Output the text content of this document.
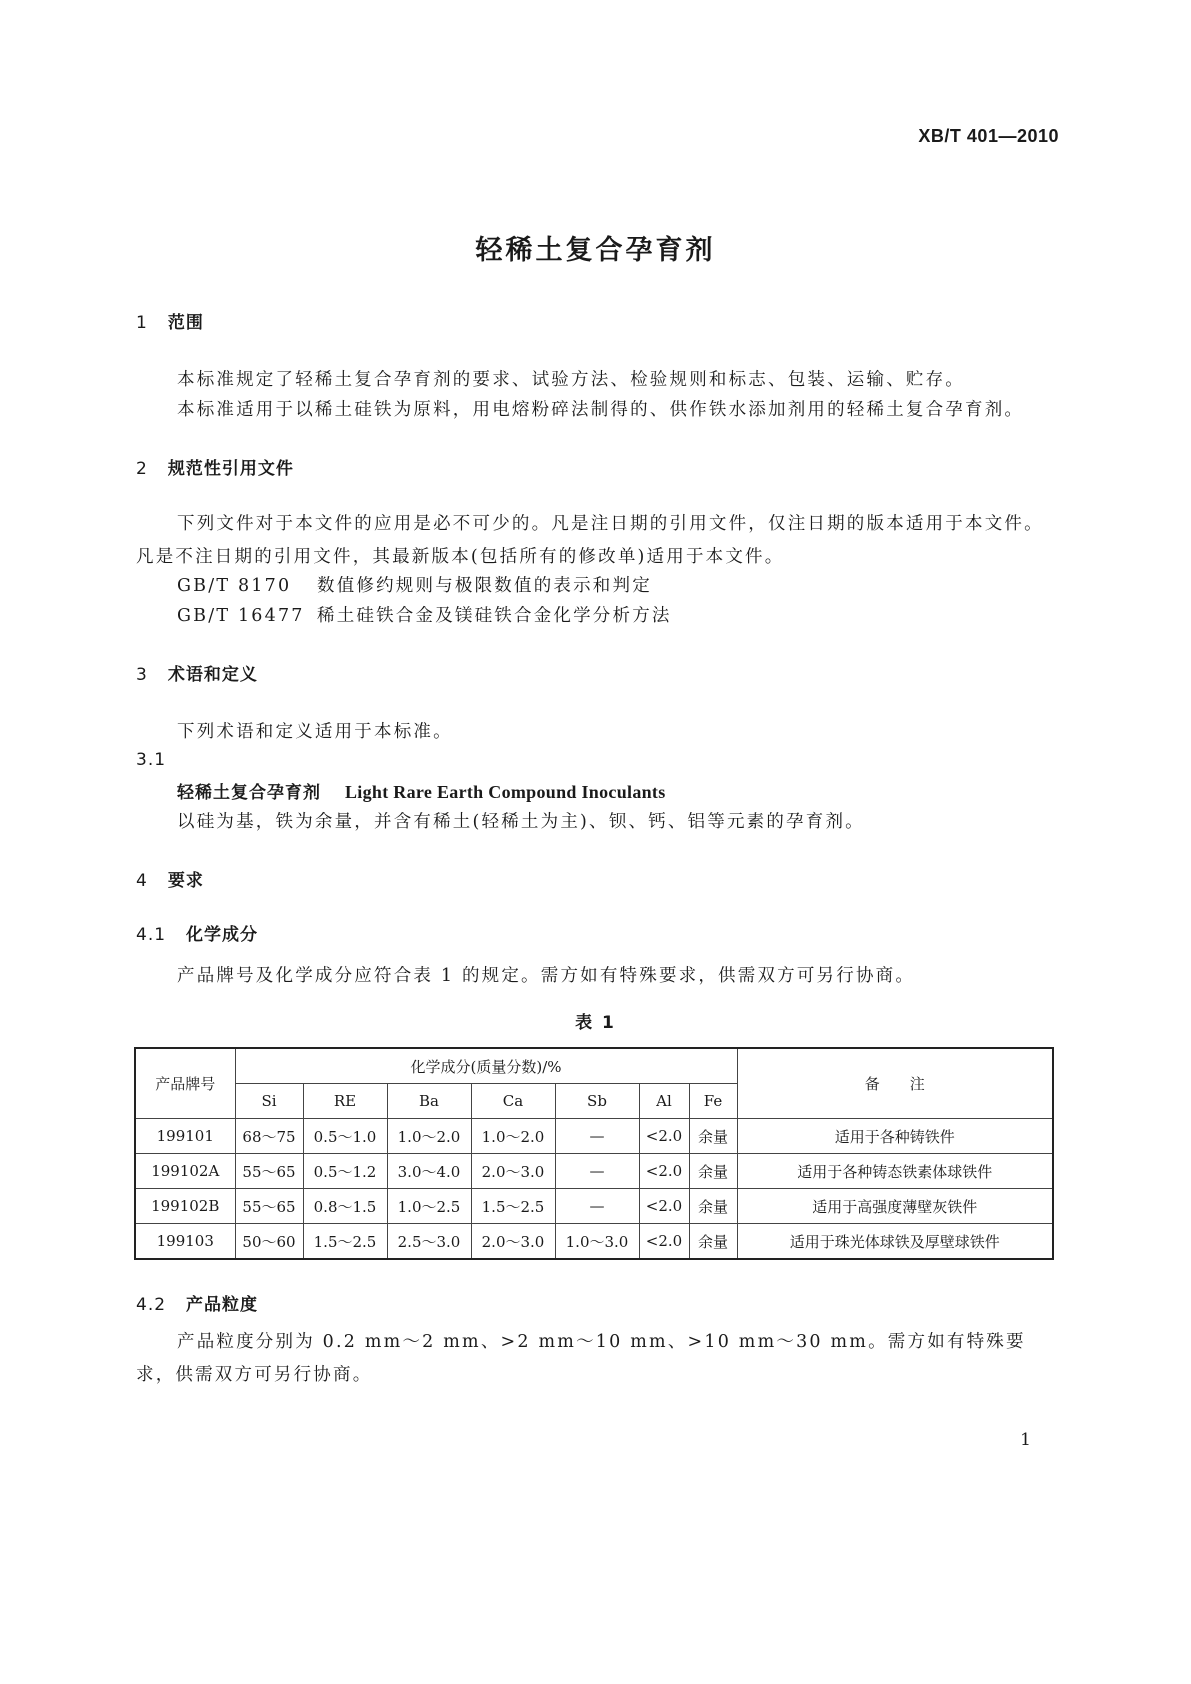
XB/T 401—2010
轻稀土复合孕育剂
1 范围
本标准规定了轻稀土复合孕育剂的要求、试验方法、检验规则和标志、包装、运输、贮存。
本标准适用于以稀土硅铁为原料，用电熔粉碎法制得的、供作铁水添加剂用的轻稀土复合孕育剂。
2 规范性引用文件
下列文件对于本文件的应用是必不可少的。凡是注日期的引用文件，仅注日期的版本适用于本文件。凡是不注日期的引用文件，其最新版本(包括所有的修改单)适用于本文件。
GB/T 8170 数值修约规则与极限数值的表示和判定
GB/T 16477 稀土硅铁合金及镁硅铁合金化学分析方法
3 术语和定义
下列术语和定义适用于本标准。
3.1
轻稀土复合孕育剂 Light Rare Earth Compound Inoculants
以硅为基，铁为余量，并含有稀土(轻稀土为主)、钡、钙、铝等元素的孕育剂。
4 要求
4.1 化学成分
产品牌号及化学成分应符合表 1 的规定。需方如有特殊要求，供需双方可另行协商。
表 1
产品牌号	化学成分(质量分数)/%							备　　注
	Si	RE	Ba	Ca	Sb	Al	Fe	
199101	68～75	0.5～1.0	1.0～2.0	1.0～2.0	—	<2.0	余量	适用于各种铸铁件
199102A	55～65	0.5～1.2	3.0～4.0	2.0～3.0	—	<2.0	余量	适用于各种铸态铁素体球铁件
199102B	55～65	0.8～1.5	1.0～2.5	1.5～2.5	—	<2.0	余量	适用于高强度薄壁灰铁件
199103	50～60	1.5～2.5	2.5～3.0	2.0～3.0	1.0～3.0	<2.0	余量	适用于珠光体球铁及厚壁球铁件
4.2 产品粒度
产品粒度分别为 0.2 mm～2 mm、>2 mm～10 mm、>10 mm～30 mm。需方如有特殊要求，供需双方可另行协商。
1
